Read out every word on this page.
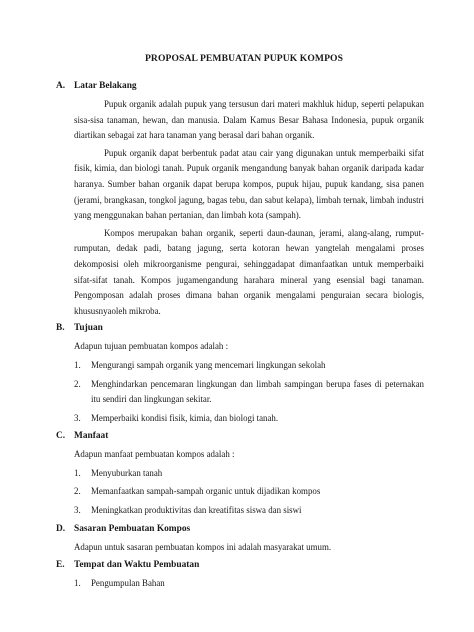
PROPOSAL PEMBUATAN PUPUK KOMPOS
A. Latar Belakang

Pupuk organik adalah pupuk yang tersusun dari materi makhluk hidup, seperti pelapukan sisa-sisa tanaman, hewan, dan manusia. Dalam Kamus Besar Bahasa Indonesia, pupuk organik diartikan sebagai zat hara tanaman yang berasal dari bahan organik.

Pupuk organik dapat berbentuk padat atau cair yang digunakan untuk memperbaiki sifat fisik, kimia, dan biologi tanah. Pupuk organik mengandung banyak bahan organik daripada kadar haranya. Sumber bahan organik dapat berupa kompos, pupuk hijau, pupuk kandang, sisa panen (jerami, brangkasan, tongkol jagung, bagas tebu, dan sabut kelapa), limbah ternak, limbah industri yang menggunakan bahan pertanian, dan limbah kota (sampah).

Kompos merupakan bahan organik, seperti daun-daunan, jerami, alang-alang, rumput-rumputan, dedak padi, batang jagung, serta kotoran hewan yangtelah mengalami proses dekomposisi oleh mikroorganisme pengurai, sehinggadapat dimanfaatkan untuk memperbaiki sifat-sifat tanah. Kompos jugamengandung harahara mineral yang esensial bagi tanaman. Pengomposan adalah proses dimana bahan organik mengalami penguraian secara biologis, khususnyaoleh mikroba.

B. Tujuan

Adapun tujuan pembuatan kompos adalah :

1.	Mengurangi sampah organik yang mencemari lingkungan sekolah
2.	Menghindarkan pencemaran lingkungan dan limbah sampingan berupa fases di peternakan itu sendiri dan lingkungan sekitar.
3.	Memperbaiki kondisi fisik, kimia, dan biologi tanah.
C. Manfaat

Adapun manfaat pembuatan kompos adalah :

1.	Menyuburkan tanah
2.	Memanfaatkan sampah-sampah organic untuk dijadikan kompos
3.	Meningkatkan produktivitas dan kreatifitas siswa dan siswi
D. Sasaran Pembuatan Kompos

Adapun untuk sasaran pembuatan kompos ini adalah masyarakat umum.

E. Tempat dan Waktu Pembuatan
1.	Pengumpulan Bahan
